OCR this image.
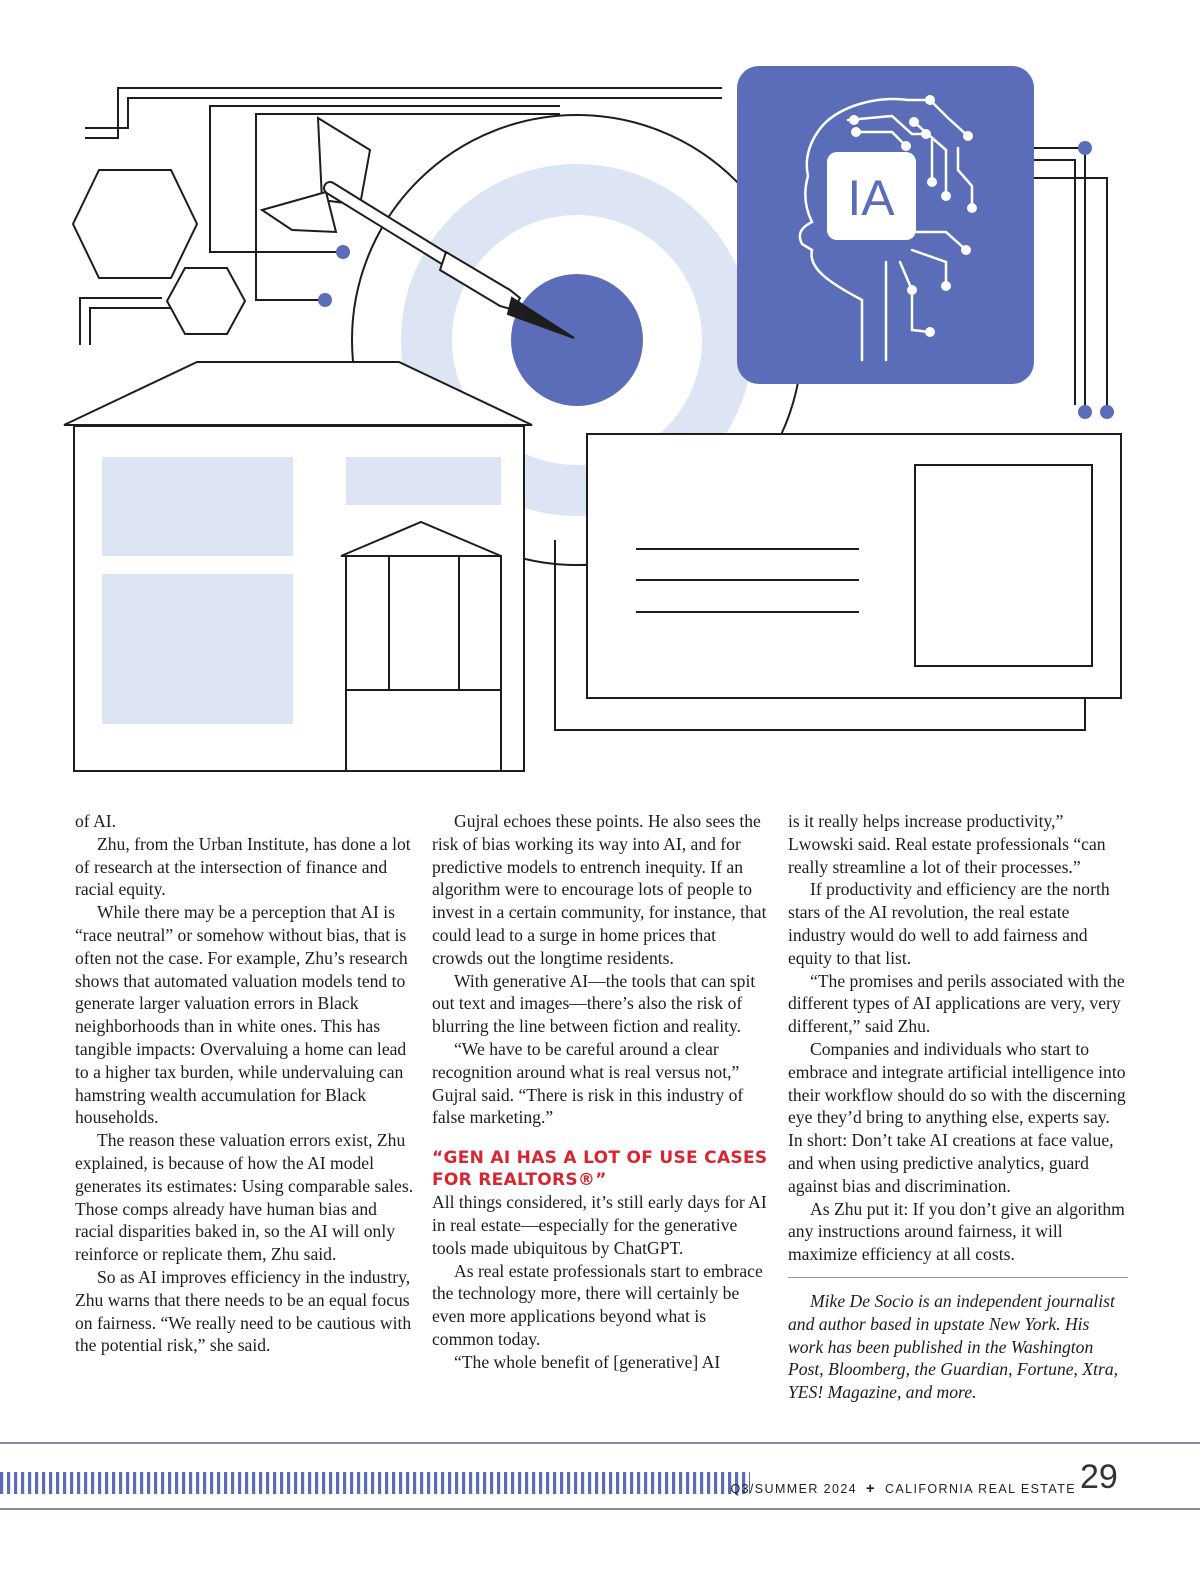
IA

of AI.

Zhu, from the Urban Institute, has done a lot of research at the intersection of finance and racial equity.

While there may be a perception that AI is “race neutral” or somehow without bias, that is often not the case. For example, Zhu’s research shows that automated valuation models tend to generate larger valuation errors in Black neighborhoods than in white ones. This has tangible impacts: Overvaluing a home can lead to a higher tax burden, while undervaluing can hamstring wealth accumulation for Black households.

The reason these valuation errors exist, Zhu explained, is because of how the AI model generates its estimates: Using comparable sales. Those comps already have human bias and racial disparities baked in, so the AI will only reinforce or replicate them, Zhu said.

So as AI improves efficiency in the industry, Zhu warns that there needs to be an equal focus on fairness. “We really need to be cautious with the potential risk,” she said.

Gujral echoes these points. He also sees the risk of bias working its way into AI, and for predictive models to entrench inequity. If an algorithm were to encourage lots of people to invest in a certain community, for instance, that could lead to a surge in home prices that crowds out the longtime residents.

With generative AI—the tools that can spit out text and images—there’s also the risk of blurring the line between fiction and reality.

“We have to be careful around a clear recognition around what is real versus not,” Gujral said. “There is risk in this industry of false marketing.”

“GEN AI HAS A LOT OF USE CASES FOR REALTORS®”

All things considered, it’s still early days for AI in real estate—especially for the generative tools made ubiquitous by ChatGPT.

As real estate professionals start to embrace the technology more, there will certainly be even more applications beyond what is common today.

“The whole benefit of [generative] AI

is it really helps increase productivity,” Lwowski said. Real estate professionals “can really streamline a lot of their processes.”

If productivity and efficiency are the north stars of the AI revolution, the real estate industry would do well to add fairness and equity to that list.

“The promises and perils associated with the different types of AI applications are very, very different,” said Zhu.

Companies and individuals who start to embrace and integrate artificial intelligence into their workflow should do so with the discerning eye they’d bring to anything else, experts say. In short: Don’t take AI creations at face value, and when using predictive analytics, guard against bias and discrimination.

As Zhu put it: If you don’t give an algorithm any instructions around fairness, it will maximize efficiency at all costs.

Mike De Socio is an independent journalist and author based in upstate New York. His work has been published in the Washington Post, Bloomberg, the Guardian, Fortune, Xtra, YES! Magazine, and more.

Q3/SUMMER 2024 + CALIFORNIA REAL ESTATE 29
